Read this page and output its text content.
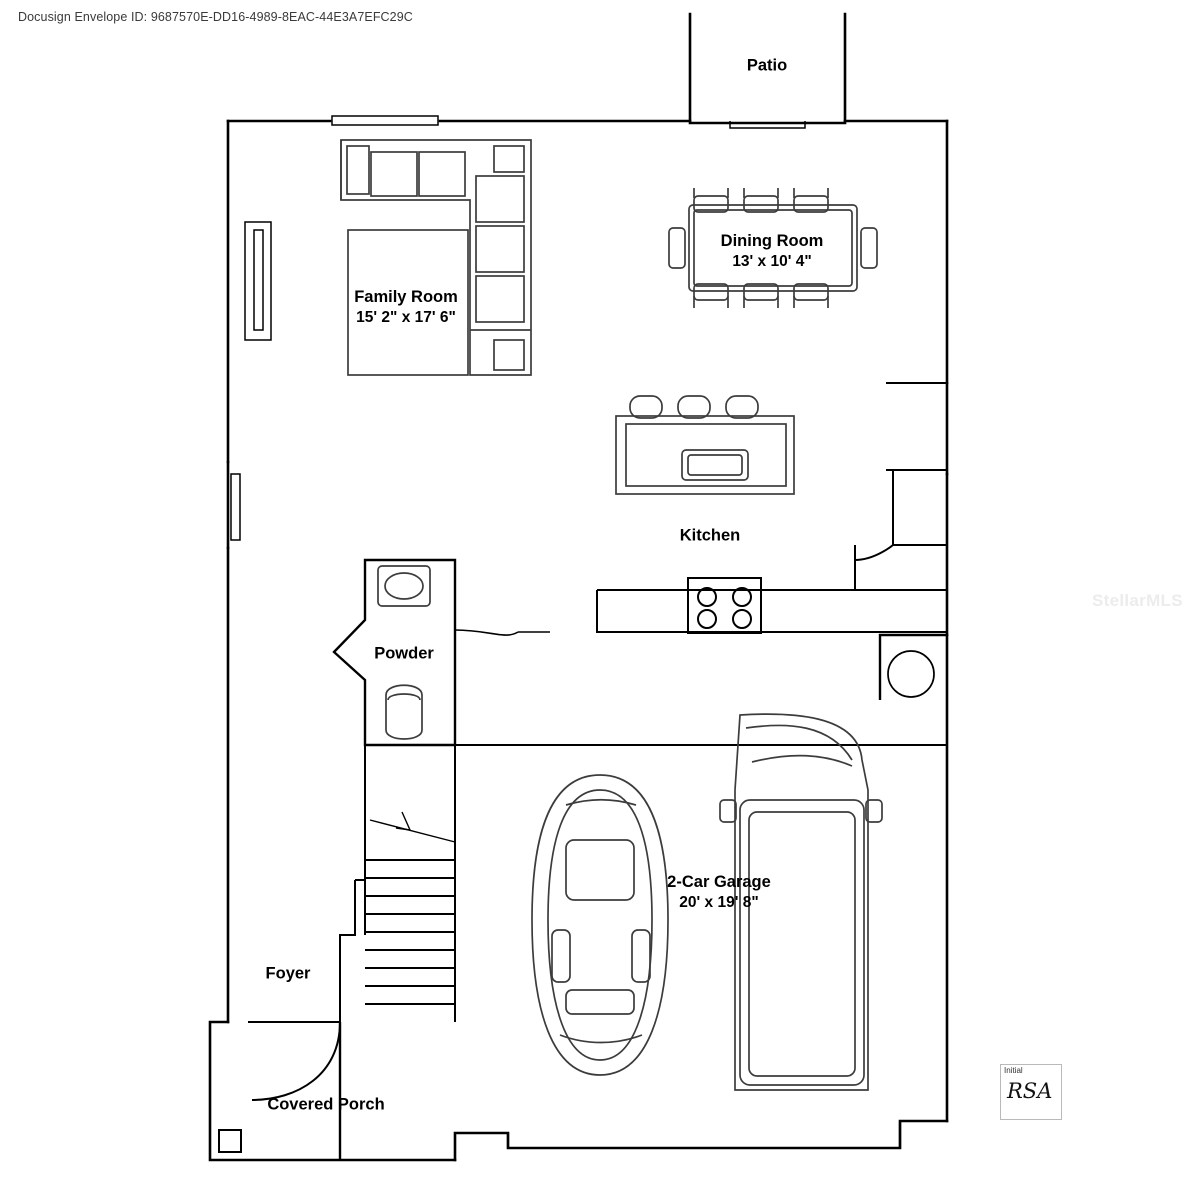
Docusign Envelope ID: 9687570E-DD16-4989-8EAC-44E3A7EFC29C
Patio
Dining Room
13' x 10' 4"
Family Room
15' 2" x 17' 6"
Kitchen
Powder
2-Car Garage
20' x 19' 8"
Foyer
Covered Porch
StellarMLS
Initial
RSA
